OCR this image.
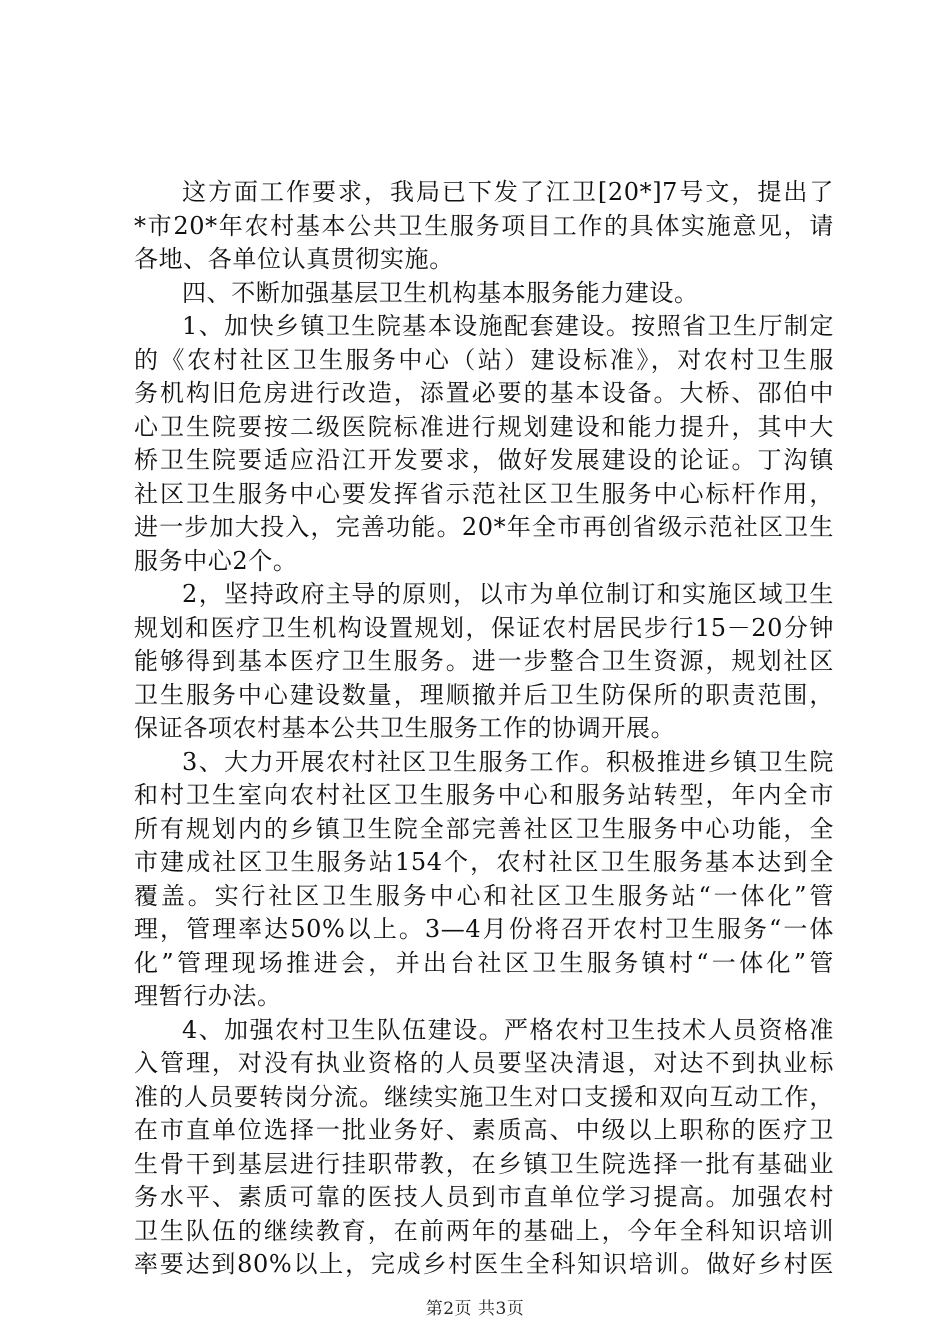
这方面工作要求，我局已下发了江卫[20*]7号文，提出了
*市20*年农村基本公共卫生服务项目工作的具体实施意见，请
各地、各单位认真贯彻实施。
四、不断加强基层卫生机构基本服务能力建设。
1、加快乡镇卫生院基本设施配套建设。按照省卫生厅制定
的《农村社区卫生服务中心（站）建设标准》，对农村卫生服
务机构旧危房进行改造，添置必要的基本设备。大桥、邵伯中
心卫生院要按二级医院标准进行规划建设和能力提升，其中大
桥卫生院要适应沿江开发要求，做好发展建设的论证。丁沟镇
社区卫生服务中心要发挥省示范社区卫生服务中心标杆作用，
进一步加大投入，完善功能。20*年全市再创省级示范社区卫生
服务中心2个。
2，坚持政府主导的原则，以市为单位制订和实施区域卫生
规划和医疗卫生机构设置规划，保证农村居民步行15－20分钟
能够得到基本医疗卫生服务。进一步整合卫生资源，规划社区
卫生服务中心建设数量，理顺撤并后卫生防保所的职责范围，
保证各项农村基本公共卫生服务工作的协调开展。
3、大力开展农村社区卫生服务工作。积极推进乡镇卫生院
和村卫生室向农村社区卫生服务中心和服务站转型，年内全市
所有规划内的乡镇卫生院全部完善社区卫生服务中心功能，全
市建成社区卫生服务站154个，农村社区卫生服务基本达到全
覆盖。实行社区卫生服务中心和社区卫生服务站“一体化”管
理，管理率达50%以上。3—4月份将召开农村卫生服务“一体
化”管理现场推进会，并出台社区卫生服务镇村“一体化”管
理暂行办法。
4、加强农村卫生队伍建设。严格农村卫生技术人员资格准
入管理，对没有执业资格的人员要坚决清退，对达不到执业标
准的人员要转岗分流。继续实施卫生对口支援和双向互动工作，
在市直单位选择一批业务好、素质高、中级以上职称的医疗卫
生骨干到基层进行挂职带教，在乡镇卫生院选择一批有基础业
务水平、素质可靠的医技人员到市直单位学习提高。加强农村
卫生队伍的继续教育，在前两年的基础上，今年全科知识培训
率要达到80%以上，完成乡村医生全科知识培训。做好乡村医
第2页 共3页
